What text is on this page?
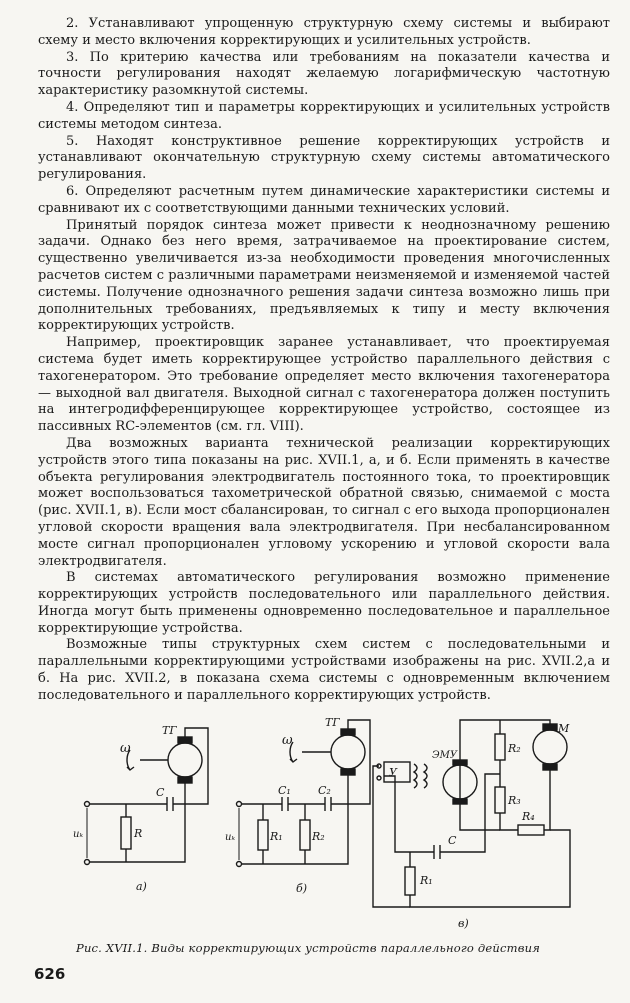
2. Устанавливают упрощенную структурную схему системы и выбирают схему и место включения корректирующих и усилительных устройств.

3. По критерию качества или требованиям на показатели качества и точности регулирования находят желаемую логарифмическую частотную характеристику разомкнутой системы.

4. Определяют тип и параметры корректирующих и усилительных устройств системы методом синтеза.

5. Находят конструктивное решение корректирующих устройств и устанавливают окончательную структурную схему системы автоматического регулирования.

6. Определяют расчетным путем динамические характеристики системы и сравнивают их с соответствующими данными технических условий.

Принятый порядок синтеза может привести к неоднозначному решению задачи. Однако без него время, затрачиваемое на проектирование систем, существенно увеличивается из-за необходимости проведения многочисленных расчетов систем с различными параметрами неизменяемой и изменяемой частей системы. Получение однозначного решения задачи синтеза возможно лишь при дополнительных требованиях, предъявляемых к типу и месту включения корректирующих устройств.

Например, проектировщик заранее устанавливает, что проектируемая система будет иметь корректирующее устройство параллельного действия с тахогенератором. Это требование определяет место включения тахогенератора — выходной вал двигателя. Выходной сигнал с тахогенератора должен поступить на интегродифференцирующее корректирующее устройство, состоящее из пассивных RC-элементов (см. гл. VIII).

Два возможных варианта технической реализации корректирующих устройств этого типа показаны на рис. XVII.1, а, и б. Если применять в качестве объекта регулирования электродвигатель постоянного тока, то проектировщик может воспользоваться тахометрической обратной связью, снимаемой с моста (рис. XVII.1, в). Если мост сбалансирован, то сигнал с его выхода пропорционален угловой скорости вращения вала электродвигателя. При несбалансированном мосте сигнал пропорционален угловому ускорению и угловой скорости вала электродвигателя.

В системах автоматического регулирования возможно применение корректирующих устройств последовательного или параллельного действия. Иногда могут быть применены одновременно последовательное и параллельное корректирующие устройства.

Возможные типы структурных схем систем с последовательными и параллельными корректирующими устройствами изображены на рис. XVII.2,а и б. На рис. XVII.2, в показана схема системы с одновременным включением последовательного и параллельного корректирующих устройств.

ω
ТГ
C
R
uₖ
а)
ω
ТГ
C₁ C₂
R₁	R₂
uₖ
б)
У
ЭМУ
М
R₂
R₃
R₄
C
R₁
в)
Рис. XVII.1. Виды корректирующих устройств параллельного действия
626
